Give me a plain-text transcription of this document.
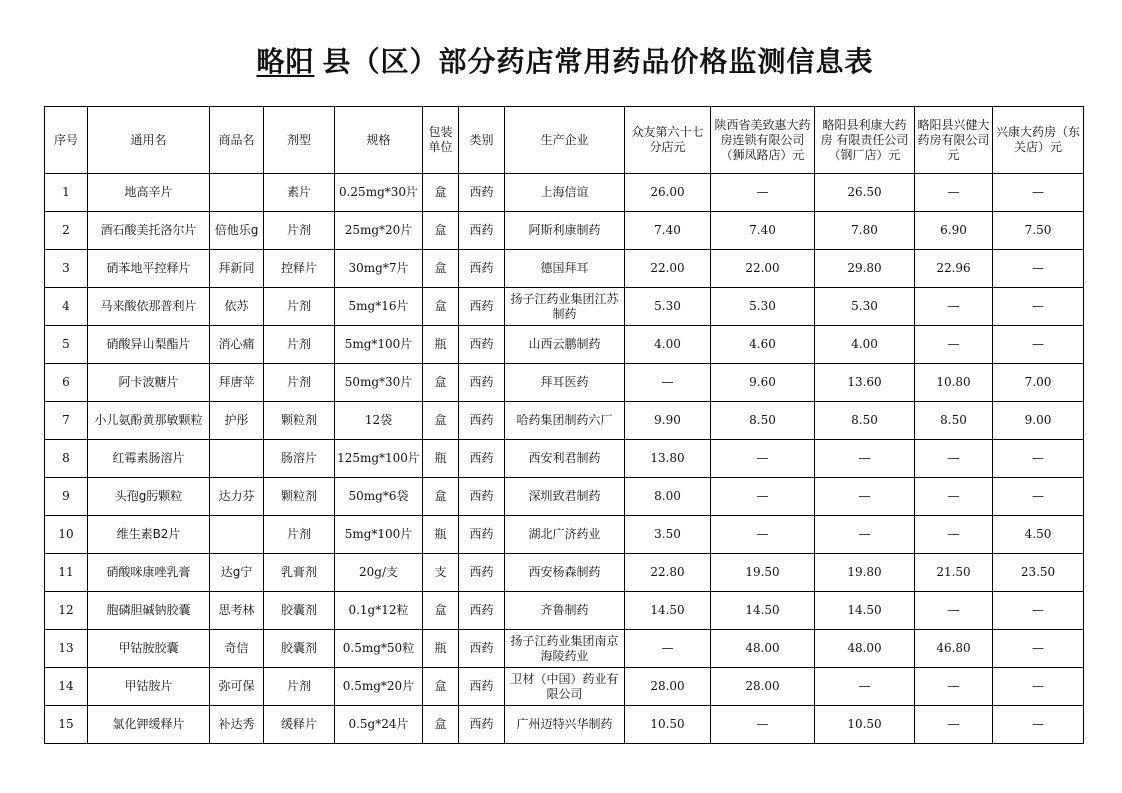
略阳 县（区）部分药店常用药品价格监测信息表
序号	通用名	商品名	剂型	规格	包装单位	类别	生产企业	众友第六十七分店元	陕西省美致惠大药房连锁有限公司（狮凤路店）元	略阳县利康大药房 有限责任公司（钢厂店）元	略阳县兴健大药房有限公司元	兴康大药房（东关店）元
1	地高辛片		素片	0.25mg*30片	盒	西药	上海信谊	26.00	—	26.50	—	—
2	酒石酸美托洛尔片	倍他乐g	片剂	25mg*20片	盒	西药	阿斯利康制药	7.40	7.40	7.80	6.90	7.50
3	硝苯地平控释片	拜新同	控释片	30mg*7片	盒	西药	德国拜耳	22.00	22.00	29.80	22.96	—
4	马来酸依那普利片	依苏	片剂	5mg*16片	盒	西药	扬子江药业集团江苏制药	5.30	5.30	5.30	—	—
5	硝酸异山梨酯片	消心痛	片剂	5mg*100片	瓶	西药	山西云鹏制药	4.00	4.60	4.00	—	—
6	阿卡波糖片	拜唐苹	片剂	50mg*30片	盒	西药	拜耳医药	—	9.60	13.60	10.80	7.00
7	小儿氨酚黄那敏颗粒	护彤	颗粒剂	12袋	盒	西药	哈药集团制药六厂	9.90	8.50	8.50	8.50	9.00
8	红霉素肠溶片		肠溶片	125mg*100片	瓶	西药	西安利君制药	13.80	—	—	—	—
9	头孢g肟颗粒	达力芬	颗粒剂	50mg*6袋	盒	西药	深圳致君制药	8.00	—	—	—	—
10	维生素B2片		片剂	5mg*100片	瓶	西药	湖北广济药业	3.50	—	—	—	4.50
11	硝酸咪康唑乳膏	达g宁	乳膏剂	20g/支	支	西药	西安杨森制药	22.80	19.50	19.80	21.50	23.50
12	胞磷胆碱钠胶囊	思考林	胶囊剂	0.1g*12粒	盒	西药	齐鲁制药	14.50	14.50	14.50	—	—
13	甲钴胺胶囊	奇信	胶囊剂	0.5mg*50粒	瓶	西药	扬子江药业集团南京海陵药业	—	48.00	48.00	46.80	—
14	甲钴胺片	弥可保	片剂	0.5mg*20片	盒	西药	卫材（中国）药业有限公司	28.00	28.00	—	—	—
15	氯化钾缓释片	补达秀	缓释片	0.5g*24片	盒	西药	广州迈特兴华制药	10.50	—	10.50	—	—
